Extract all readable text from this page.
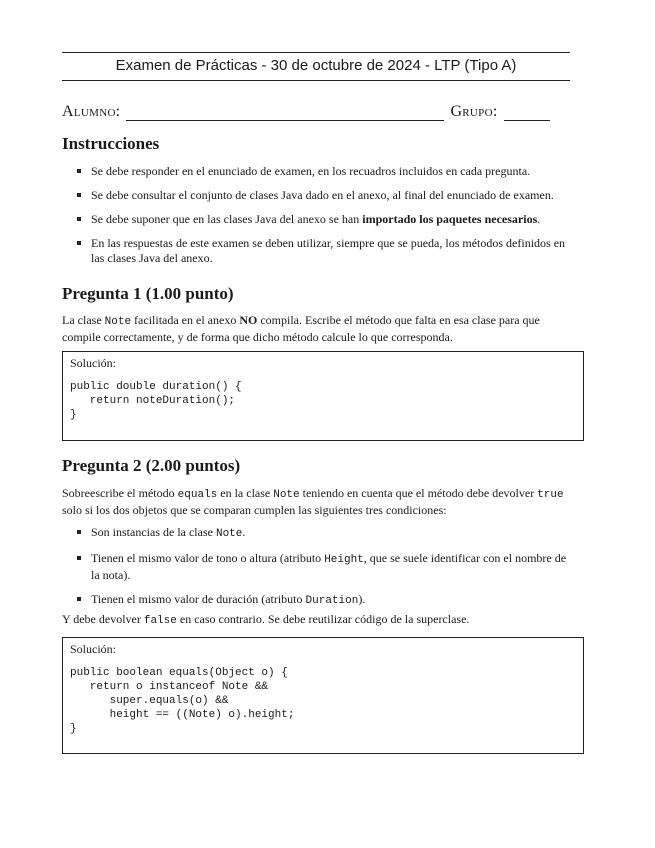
Examen de Prácticas - 30 de octubre de 2024 - LTP (Tipo A)
Alumno:	Grupo:
Instrucciones
Se debe responder en el enunciado de examen, en los recuadros incluidos en cada pregunta.
Se debe consultar el conjunto de clases Java dado en el anexo, al final del enunciado de examen.
Se debe suponer que en las clases Java del anexo se han importado los paquetes necesarios.
En las respuestas de este examen se deben utilizar, siempre que se pueda, los métodos definidos en las clases Java del anexo.
Pregunta 1 (1.00 punto)

La clase Note facilitada en el anexo NO compila. Escribe el método que falta en esa clase para que compile correctamente, y de forma que dicho método calcule lo que corresponda.

Solución:
public double duration() {
return noteDuration();
}
Pregunta 2 (2.00 puntos)

Sobreescribe el método equals en la clase Note teniendo en cuenta que el método debe devolver true solo si los dos objetos que se comparan cumplen las siguientes tres condiciones:

Son instancias de la clase Note.
Tienen el mismo valor de tono o altura (atributo Height, que se suele identificar con el nombre de la nota).
Tienen el mismo valor de duración (atributo Duration).

Y debe devolver false en caso contrario. Se debe reutilizar código de la superclase.

Solución:
public boolean equals(Object o) {
return o instanceof Note &&
super.equals(o) &&
height == ((Note) o).height;
}
